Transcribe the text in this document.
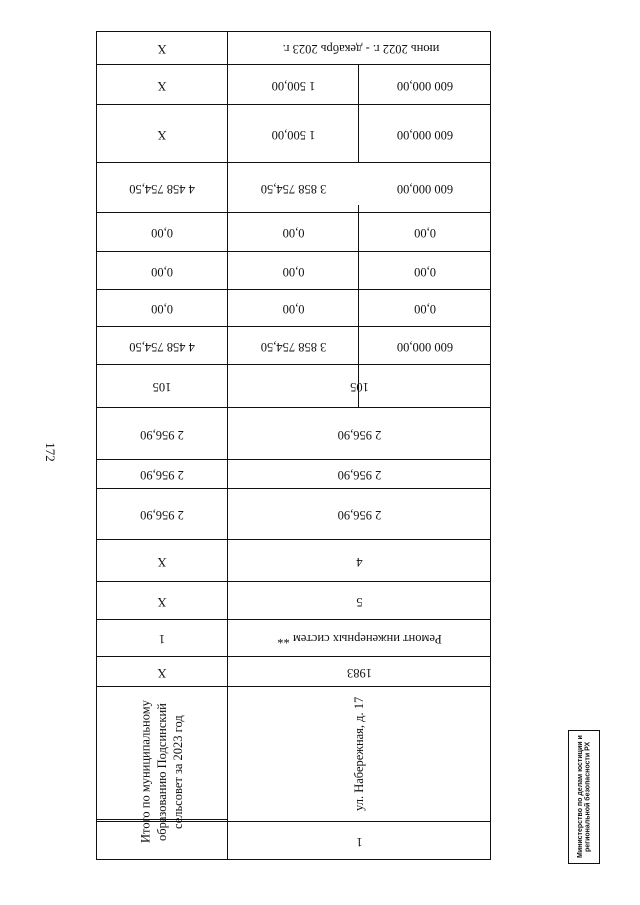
172
1
Итого по муниципальному образованию Подсинский сельсовет за 2023 год	ул. Набережная, д. 17
1983
X
Ремонт инженерных систем **
1
5
X
4
X
2 956,90
2 956,90
2 956,90
2 956,90
2 956,90
2 956,90
105
105
600 000,00
3 858 754,50
4 458 754,50
0,00
0,00
0,00
0,00
0,00
0,00
0,00
0,00
0,00
600 000,00
3 858 754,50
4 458 754,50
600 000,00
1 500,00
X
600 000,00
1 500,00
X
июнь 2022 г. - декабрь 2023 г.
X
Министерство по делам юстиции и региональной безопасности РХ
